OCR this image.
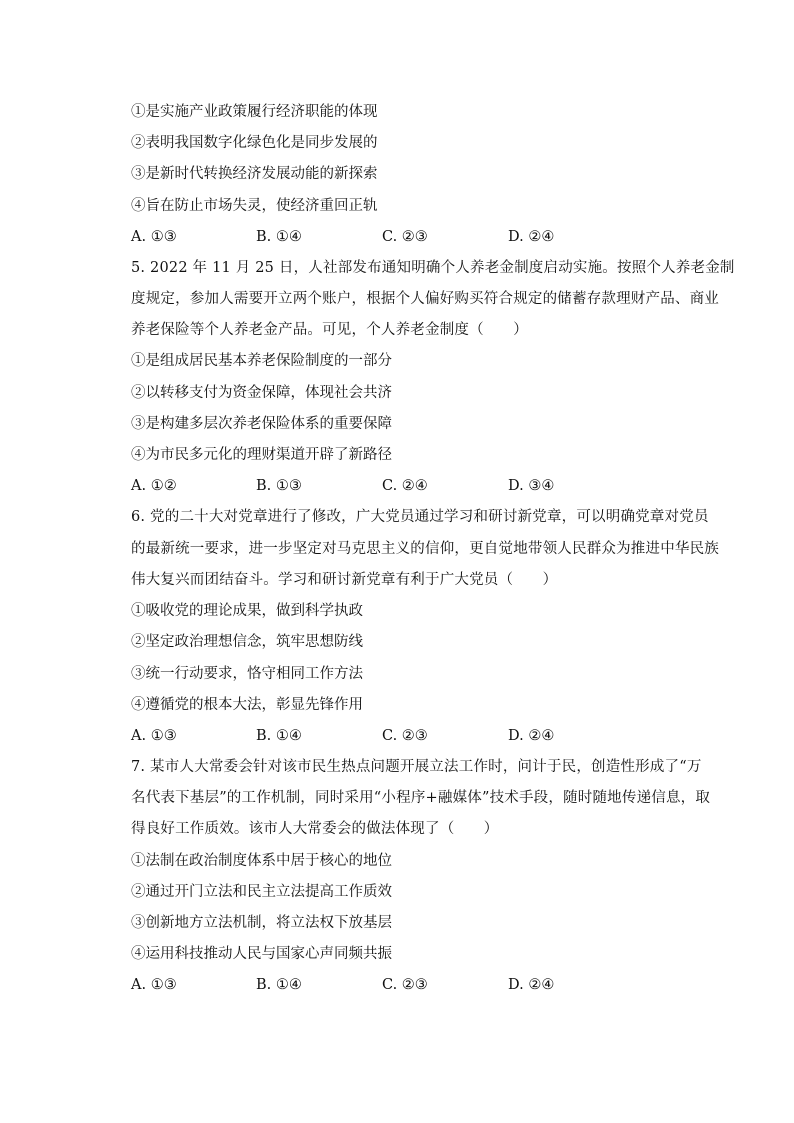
①是实施产业政策履行经济职能的体现
②表明我国数字化绿色化是同步发展的
③是新时代转换经济发展动能的新探索
④旨在防止市场失灵，使经济重回正轨
A. ①③	B. ①④	C. ②③	D. ②④
5. 2022 年 11 月 25 日，人社部发布通知明确个人养老金制度启动实施。按照个人养老金制
度规定，参加人需要开立两个账户，根据个人偏好购买符合规定的储蓄存款理财产品、商业
养老保险等个人养老金产品。可见，个人养老金制度（　　）
①是组成居民基本养老保险制度的一部分
②以转移支付为资金保障，体现社会共济
③是构建多层次养老保险体系的重要保障
④为市民多元化的理财渠道开辟了新路径
A. ①②	B. ①③	C. ②④	D. ③④
6. 党的二十大对党章进行了修改，广大党员通过学习和研讨新党章，可以明确党章对党员
的最新统一要求，进一步坚定对马克思主义的信仰，更自觉地带领人民群众为推进中华民族
伟大复兴而团结奋斗。学习和研讨新党章有利于广大党员（　　）
①吸收党的理论成果，做到科学执政
②坚定政治理想信念，筑牢思想防线
③统一行动要求，恪守相同工作方法
④遵循党的根本大法，彰显先锋作用
A. ①③	B. ①④	C. ②③	D. ②④
7. 某市人大常委会针对该市民生热点问题开展立法工作时，问计于民，创造性形成了“万
名代表下基层”的工作机制，同时采用“小程序+融媒体”技术手段，随时随地传递信息，取
得良好工作质效。该市人大常委会的做法体现了（　　）
①法制在政治制度体系中居于核心的地位
②通过开门立法和民主立法提高工作质效
③创新地方立法机制，将立法权下放基层
④运用科技推动人民与国家心声同频共振
A. ①③	B. ①④	C. ②③	D. ②④
